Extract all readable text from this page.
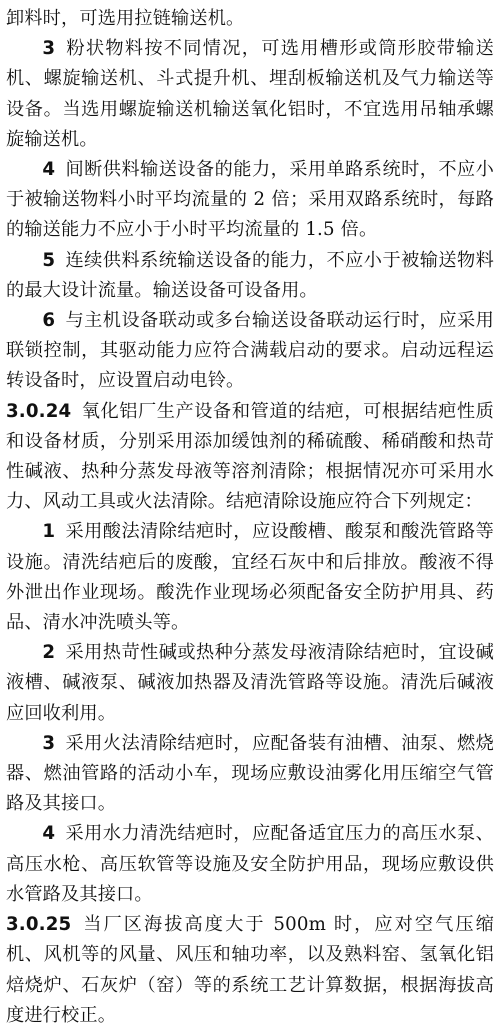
卸料时，可选用拉链输送机。

3 粉状物料按不同情况，可选用槽形或筒形胶带输送机、螺旋输送机、斗式提升机、埋刮板输送机及气力输送等设备。当选用螺旋输送机输送氧化铝时，不宜选用吊轴承螺旋输送机。

4 间断供料输送设备的能力，采用单路系统时，不应小于被输送物料小时平均流量的 2 倍；采用双路系统时，每路的输送能力不应小于小时平均流量的 1.5 倍。

5 连续供料系统输送设备的能力，不应小于被输送物料的最大设计流量。输送设备可设备用。

6 与主机设备联动或多台输送设备联动运行时，应采用联锁控制，其驱动能力应符合满载启动的要求。启动远程运转设备时，应设置启动电铃。

3.0.24 氧化铝厂生产设备和管道的结疤，可根据结疤性质和设备材质，分别采用添加缓蚀剂的稀硫酸、稀硝酸和热苛性碱液、热种分蒸发母液等溶剂清除；根据情况亦可采用水力、风动工具或火法清除。结疤清除设施应符合下列规定：

1 采用酸法清除结疤时，应设酸槽、酸泵和酸洗管路等设施。清洗结疤后的废酸，宜经石灰中和后排放。酸液不得外泄出作业现场。酸洗作业现场必须配备安全防护用具、药品、清水冲洗喷头等。

2 采用热苛性碱或热种分蒸发母液清除结疤时，宜设碱液槽、碱液泵、碱液加热器及清洗管路等设施。清洗后碱液应回收利用。

3 采用火法清除结疤时，应配备装有油槽、油泵、燃烧器、燃油管路的活动小车，现场应敷设油雾化用压缩空气管路及其接口。

4 采用水力清洗结疤时，应配备适宜压力的高压水泵、高压水枪、高压软管等设施及安全防护用品，现场应敷设供水管路及其接口。

3.0.25 当厂区海拔高度大于 500m 时，应对空气压缩机、风机等的风量、风压和轴功率，以及熟料窑、氢氧化铝焙烧炉、石灰炉（窑）等的系统工艺计算数据，根据海拔高度进行校正。
